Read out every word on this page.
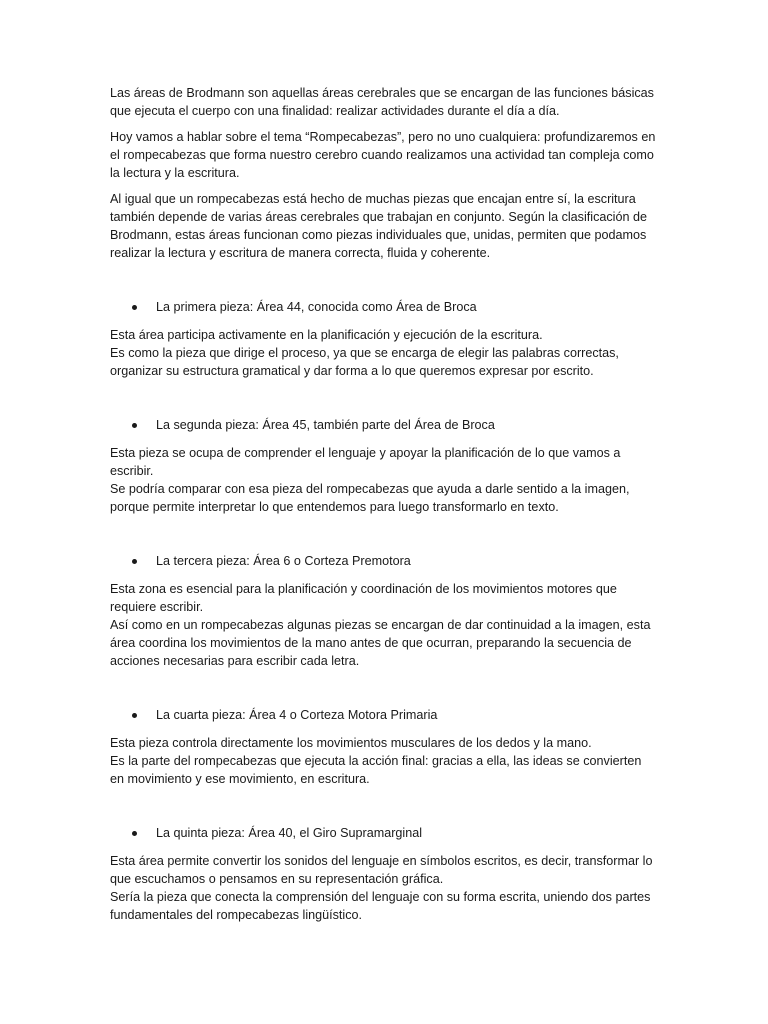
Las áreas de Brodmann son aquellas áreas cerebrales que se encargan de las funciones básicas que ejecuta el cuerpo con una finalidad: realizar actividades durante el día a día.

Hoy vamos a hablar sobre el tema “Rompecabezas”, pero no uno cualquiera: profundizaremos en el rompecabezas que forma nuestro cerebro cuando realizamos una actividad tan compleja como la lectura y la escritura.

Al igual que un rompecabezas está hecho de muchas piezas que encajan entre sí, la escritura también depende de varias áreas cerebrales que trabajan en conjunto. Según la clasificación de Brodmann, estas áreas funcionan como piezas individuales que, unidas, permiten que podamos realizar la lectura y escritura de manera correcta, fluida y coherente.

La primera pieza: Área 44, conocida como Área de Broca
Esta área participa activamente en la planificación y ejecución de la escritura.
Es como la pieza que dirige el proceso, ya que se encarga de elegir las palabras correctas, organizar su estructura gramatical y dar forma a lo que queremos expresar por escrito.
La segunda pieza: Área 45, también parte del Área de Broca
Esta pieza se ocupa de comprender el lenguaje y apoyar la planificación de lo que vamos a escribir.
Se podría comparar con esa pieza del rompecabezas que ayuda a darle sentido a la imagen, porque permite interpretar lo que entendemos para luego transformarlo en texto.
La tercera pieza: Área 6 o Corteza Premotora
Esta zona es esencial para la planificación y coordinación de los movimientos motores que requiere escribir.
Así como en un rompecabezas algunas piezas se encargan de dar continuidad a la imagen, esta área coordina los movimientos de la mano antes de que ocurran, preparando la secuencia de acciones necesarias para escribir cada letra.
La cuarta pieza: Área 4 o Corteza Motora Primaria
Esta pieza controla directamente los movimientos musculares de los dedos y la mano.
Es la parte del rompecabezas que ejecuta la acción final: gracias a ella, las ideas se convierten en movimiento y ese movimiento, en escritura.
La quinta pieza: Área 40, el Giro Supramarginal
Esta área permite convertir los sonidos del lenguaje en símbolos escritos, es decir, transformar lo que escuchamos o pensamos en su representación gráfica.
Sería la pieza que conecta la comprensión del lenguaje con su forma escrita, uniendo dos partes fundamentales del rompecabezas lingüístico.
